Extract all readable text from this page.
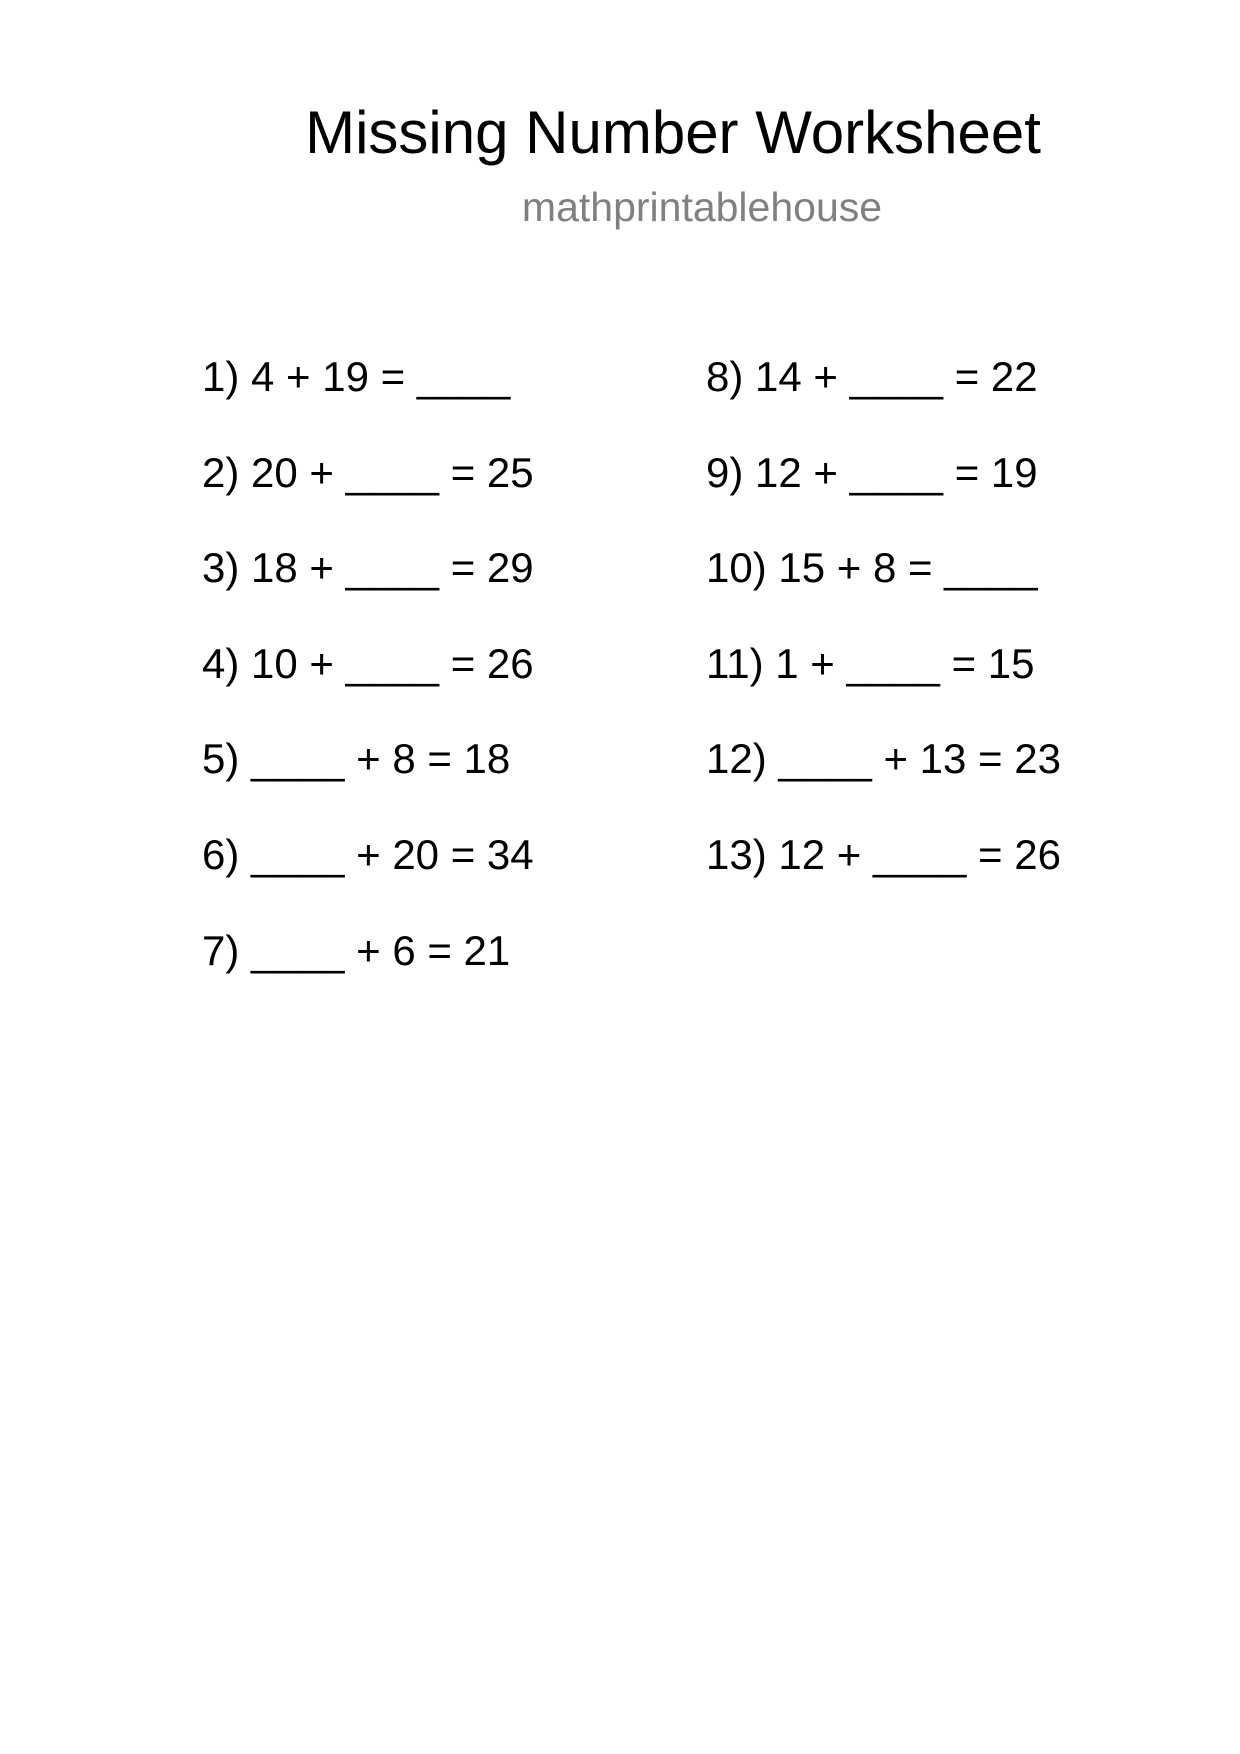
Missing Number Worksheet
mathprintablehouse
1) 4 + 19 = ____
2) 20 + ____ = 25
3) 18 + ____ = 29
4) 10 + ____ = 26
5) ____ + 8 = 18
6) ____ + 20 = 34
7) ____ + 6 = 21
8) 14 + ____ = 22
9) 12 + ____ = 19
10) 15 + 8 = ____
11) 1 + ____ = 15
12) ____ + 13 = 23
13) 12 + ____ = 26
